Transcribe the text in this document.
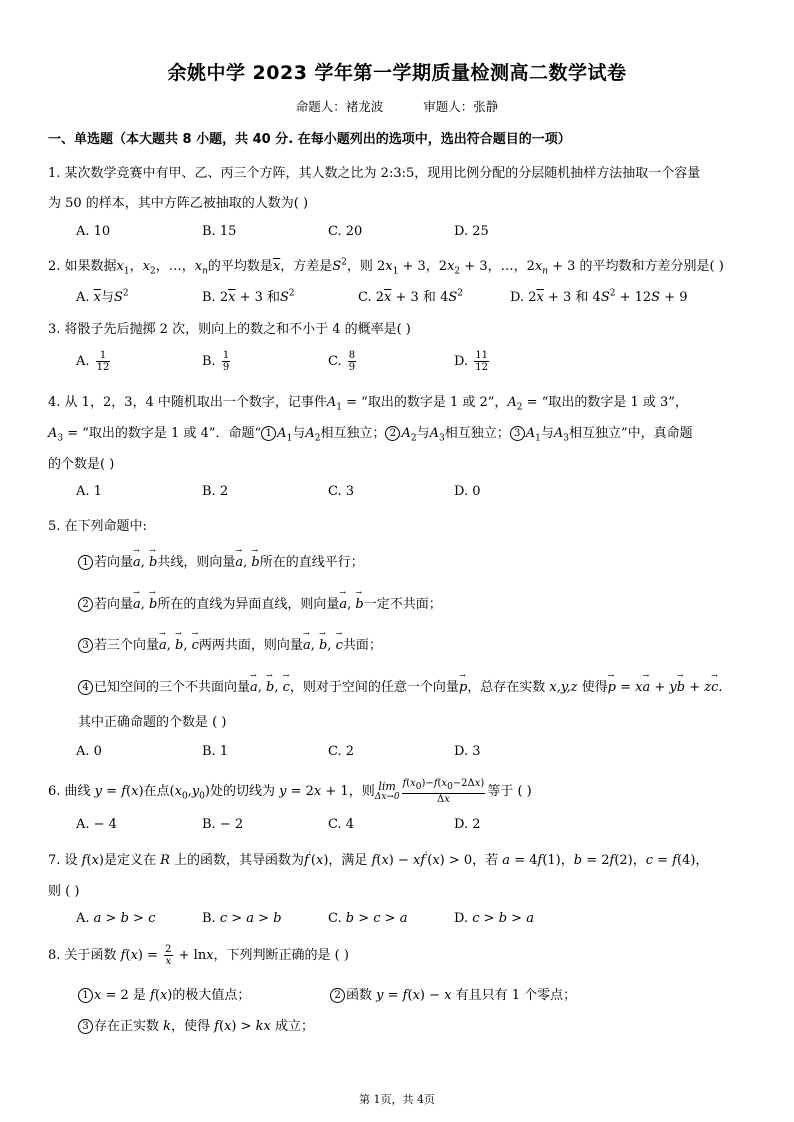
余姚中学 2023 学年第一学期质量检测高二数学试卷
命题人：褚龙波	审题人：张静
一、单选题（本大题共 8 小题，共 40 分. 在每小题列出的选项中，选出符合题目的一项）
1. 某次数学竞赛中有甲、乙、丙三个方阵，其人数之比为 2:3:5，现用比例分配的分层随机抽样方法抽取一个容量
为 50 的样本，其中方阵乙被抽取的人数为( )
A. 10	B. 15	C. 20	D. 25
2. 如果数据$x_1$，$x_2$，…，$x_n$的平均数是$\overline{x}$，方差是$S^2$，则 $2x_1 + 3$，$2x_2 + 3$，…，$2x_n + 3$ 的平均数和方差分别是( )
A. $\overline{x}$与$S^2$	B. $2\overline{x} + 3$ 和$S^2$	C. $2\overline{x} + 3$ 和 $4S^2$	D. $2\overline{x} + 3$ 和 $4S^2 + 12S + 9$
3. 将骰子先后抛掷 2 次，则向上的数之和不小于 4 的概率是( )
A. $\frac{1}{12}$	B. $\frac{1}{9}$	C. $\frac{8}{9}$	D. $\frac{11}{12}$
4. 从 1，2，3，4 中随机取出一个数字，记事件$A_1$ = “取出的数字是 1 或 2”，$A_2$ = “取出的数字是 1 或 3”，
$A_3$ = “取出的数字是 1 或 4”．命题“ 1 $A_1$与$A_2$相互独立； 2 $A_2$与$A_3$相互独立； 3 $A_1$与$A_3$相互独立”中，真命题
的个数是( )
A. 1	B. 2	C. 3	D. 0
5. 在下列命题中:
1 若向量→ a, → b共线，则向量→ a, → b所在的直线平行；
2 若向量→ a, → b所在的直线为异面直线，则向量→ a, → b一定不共面；
3 若三个向量→ a, → b, → c两两共面，则向量→ a, → b, → c共面；
4 已知空间的三个不共面向量→ a, → b, → c，则对于空间的任意一个向量→ p，总存在实数 x,y,z 使得→ p = x→ a + y→ b + z→ c.
其中正确命题的个数是 ( )
A. 0	B. 1	C. 2	D. 3
6. 曲线 y = f(x)在点$(x_0,y_0)$处的切线为 y = 2x + 1，则 lim
$\Delta x\to 0 \frac{f(x_0)-f(x_0-2\Delta x)}{\Delta x}$ 等于 ( )
A. − 4	B. − 2	C. 4	D. 2
7. 设 f(x)是定义在 R 上的函数，其导函数为f′(x)，满足 f(x) − xf′(x) > 0，若 a = 4f(1)，b = 2f(2)，c = f(4)，
则 ( )
A. a > b > c	B. c > a > b	C. b > c > a	D. c > b > a
8. 关于函数 $f(x) = \frac{2}{x} + \ln x$，下列判断正确的是 ( )
1 x = 2 是 f(x)的极大值点；	2 函数 y = f(x) − x 有且只有 1 个零点；
3 存在正实数 k，使得 f(x) > kx 成立；
第 1页，共 4页
